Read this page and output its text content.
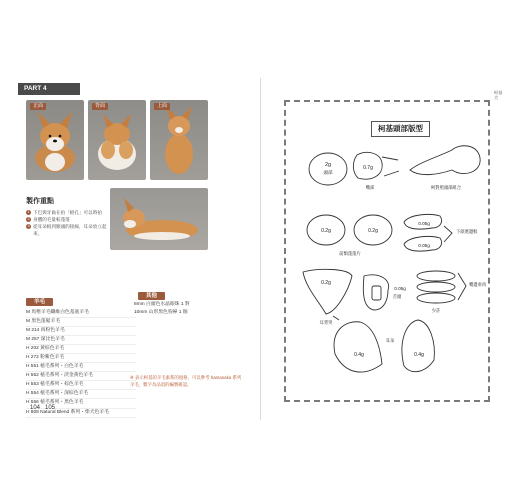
PART 4
正面	背面	上面
製作重點
1 下巴與牙齒在拍「板孔」可以時拍
2 身體的毛量較蓬蓬
3 從耳朵根到額頭的接線，耳朵放立起來。
羊毛
M 馬鬃羊毛纖維白色基底羊毛
M 黑色蓬鬆羊毛
M 214 肉粉色羊毛
M 257 深比色羊毛
H 202 黃棕色羊毛
H 272 粉紫色羊毛
H 551 植毛系列・白色羊毛
H 552 植毛系列・淡金黃色羊毛
H 553 植毛系列・棕色羊毛
H 554 植毛系列・深棕色羊毛
H 556 植毛系列・黑色羊毛
H 808 Natural Blend 系列・柴犬色羊毛
其他
8mm 白頭色水晶眼珠 1 對
10mm 山形黑色狗鼻 1 個
※ 表示柯基的羊毛素系的規格，可以參考 hamanaka 系列羊毛，數字為品項的編號確認。
104 105
柯基犬
柯基頭部版型
2g
頭部
0.7g
嘴部	柯對照頭部組合
0.2g	0.2g
前類蓬蓬片
0.05g
0.05g
下頜底邊框
0.2g
耳背突
0.05g
舌頭
嘴邊垂肉
少許
0.4g	0.4g
耳朵
